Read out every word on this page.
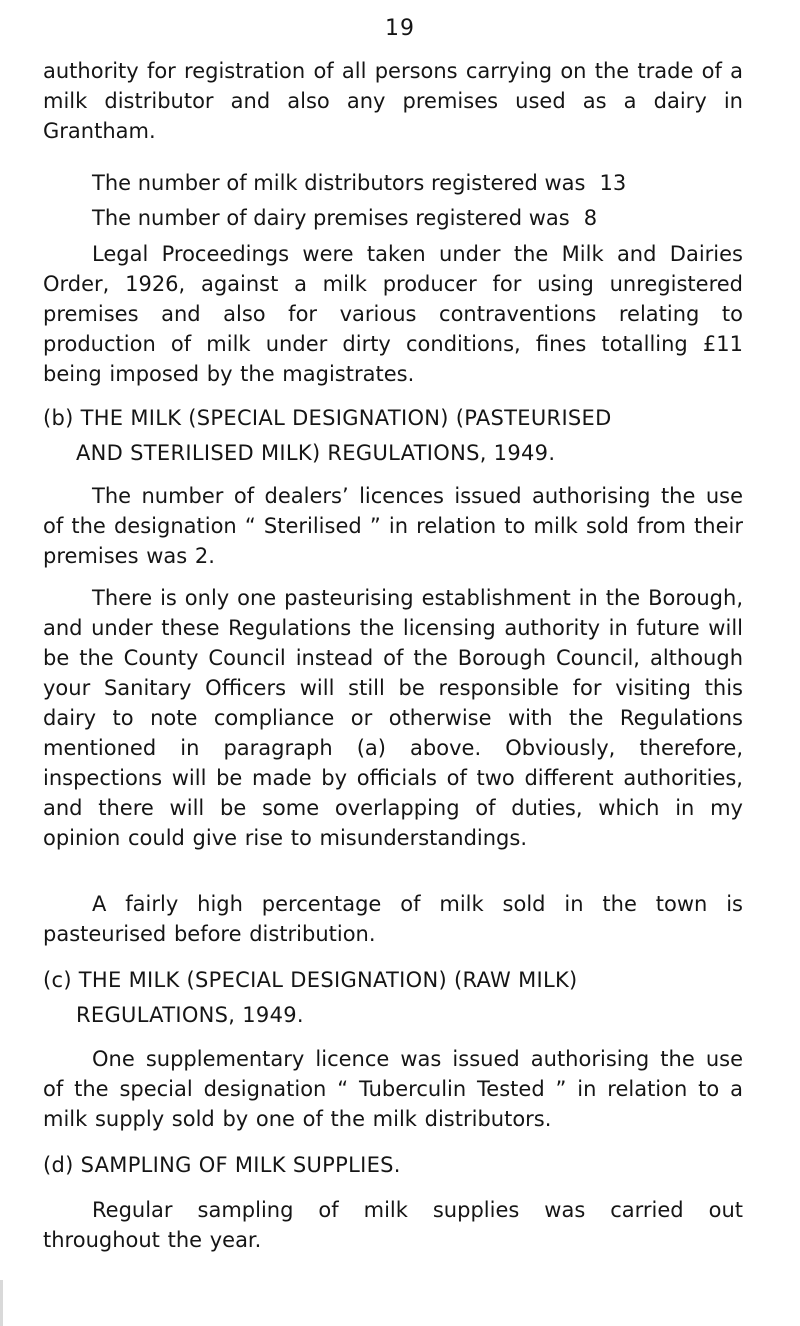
19

authority for registration of all persons carrying on the trade of a milk distributor and also any premises used as a dairy in Grantham.

The number of milk distributors registered was 13

The number of dairy premises registered was 8

Legal Proceedings were taken under the Milk and Dairies Order, 1926, against a milk producer for using unregistered premises and also for various contraventions relating to production of milk under dirty conditions, fines totalling £11 being imposed by the magistrates.

(b) THE MILK (SPECIAL DESIGNATION) (PASTEURISED
AND STERILISED MILK) REGULATIONS, 1949.

The number of dealers’ licences issued authorising the use of the designation “ Sterilised ” in relation to milk sold from their premises was 2.

There is only one pasteurising establishment in the Borough, and under these Regulations the licensing authority in future will be the County Council instead of the Borough Council, although your Sanitary Officers will still be responsible for visiting this dairy to note compliance or otherwise with the Regulations mentioned in paragraph (a) above. Obviously, therefore, inspections will be made by officials of two different authorities, and there will be some overlapping of duties, which in my opinion could give rise to misunderstandings.

A fairly high percentage of milk sold in the town is pasteurised before distribution.

(c) THE MILK (SPECIAL DESIGNATION) (RAW MILK)
REGULATIONS, 1949.

One supplementary licence was issued authorising the use of the special designation “ Tuberculin Tested ” in relation to a milk supply sold by one of the milk distributors.

(d) SAMPLING OF MILK SUPPLIES.

Regular sampling of milk supplies was carried out throughout the year.
